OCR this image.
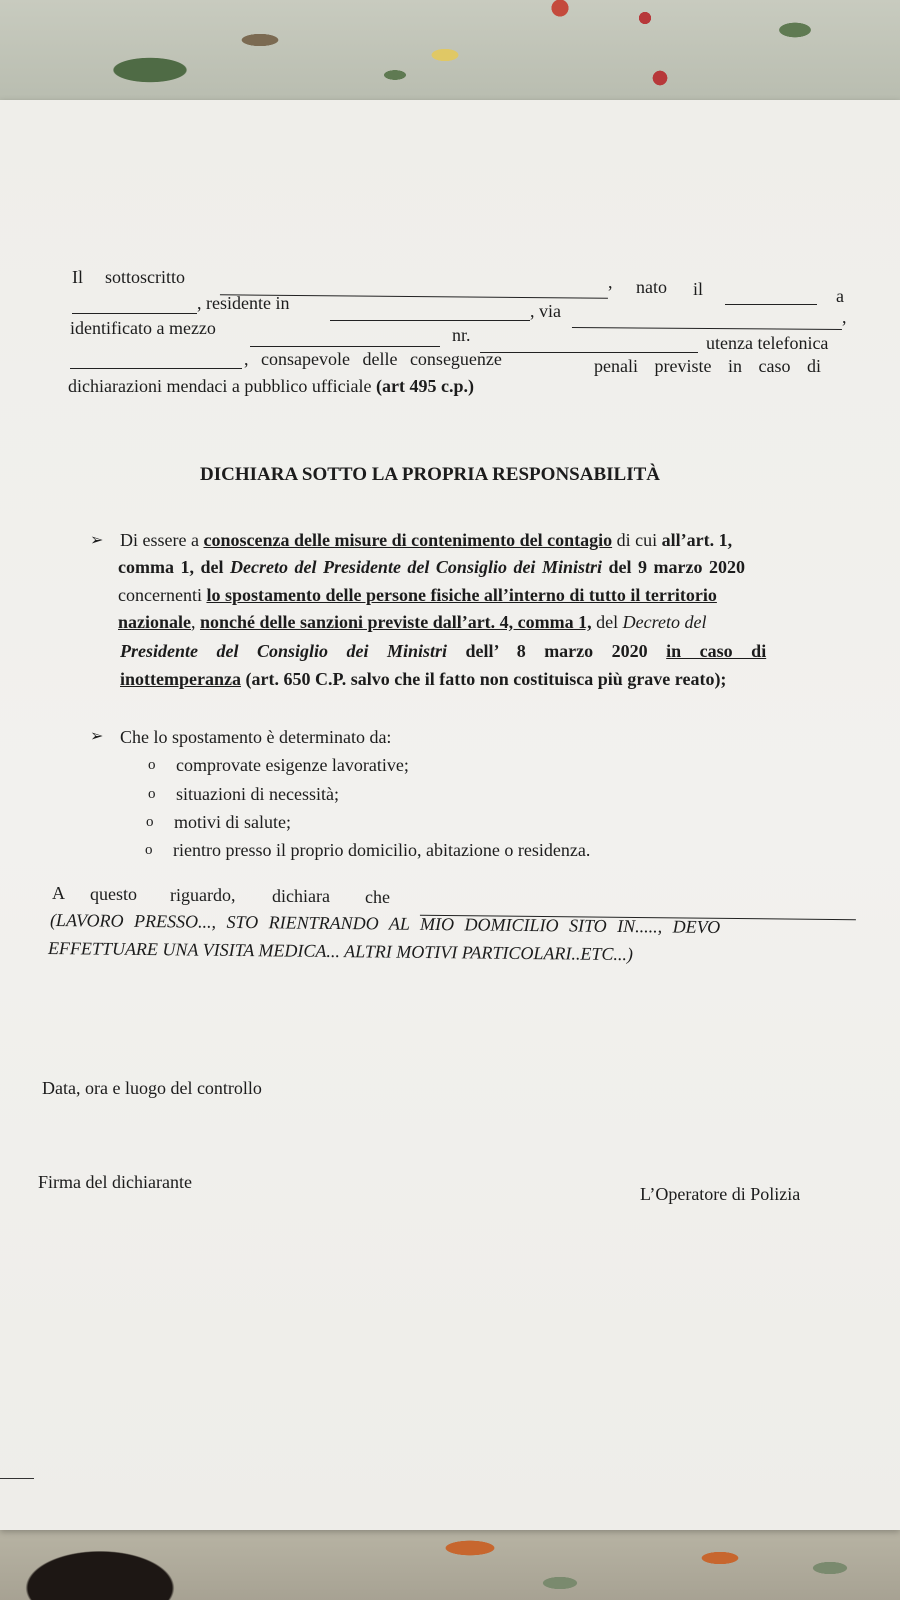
Il sottoscritto	, nato il	a
, residente in	, via	,
identificato a mezzo	nr.	utenza telefonica
, consapevole delle conseguenze	penali previste in caso di
dichiarazioni mendaci a pubblico ufficiale (art 495 c.p.)
DICHIARA SOTTO LA PROPRIA RESPONSABILITÀ
➢ Di essere a conoscenza delle misure di contenimento del contagio di cui all’art. 1,
comma 1, del Decreto del Presidente del Consiglio dei Ministri del 9 marzo 2020
concernenti lo spostamento delle persone fisiche all’interno di tutto il territorio
nazionale, nonché delle sanzioni previste dall’art. 4, comma 1, del Decreto del
Presidente del Consiglio dei Ministri dell’ 8 marzo 2020 in caso di
inottemperanza (art. 650 C.P. salvo che il fatto non costituisca più grave reato);
➢ Che lo spostamento è determinato da:
o comprovate esigenze lavorative;
o situazioni di necessità;
o motivi di salute;
o rientro presso il proprio domicilio, abitazione o residenza.
A questo riguardo, dichiara che
(LAVORO PRESSO..., STO RIENTRANDO AL MIO DOMICILIO SITO IN....., DEVO
EFFETTUARE UNA VISITA MEDICA... ALTRI MOTIVI PARTICOLARI..ETC...)
Data, ora e luogo del controllo
Firma del dichiarante
L’Operatore di Polizia
